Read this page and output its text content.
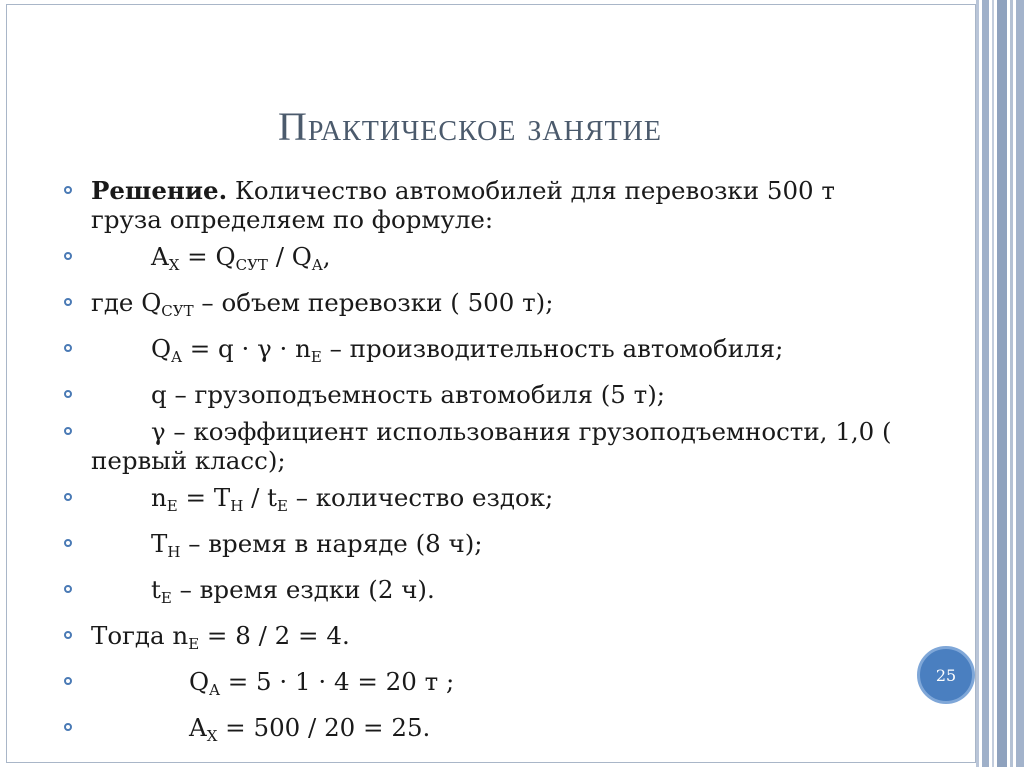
Практическое занятие
Решение. Количество автомобилей для перевозки 500 т груза определяем по формуле:
$A_X = Q_{СУТ} / Q_A$,
где $Q_{СУТ}$ – объем перевозки ( 500 т);
$Q_A = q \cdot \gamma \cdot n_E$ – производительность автомобиля;
q – грузоподъемность автомобиля (5 т);
γ – коэффициент использования грузоподъемности, 1,0 ( первый класс);
$n_E = T_H / t_E$ – количество ездок;
$T_H$ – время в наряде (8 ч);
$t_E$ – время ездки (2 ч).
Тогда $n_E = 8 / 2 = 4$.
$Q_A = 5 \cdot 1 \cdot 4 = 20$ т ;
$A_X = 500 / 20 = 25$.
25
